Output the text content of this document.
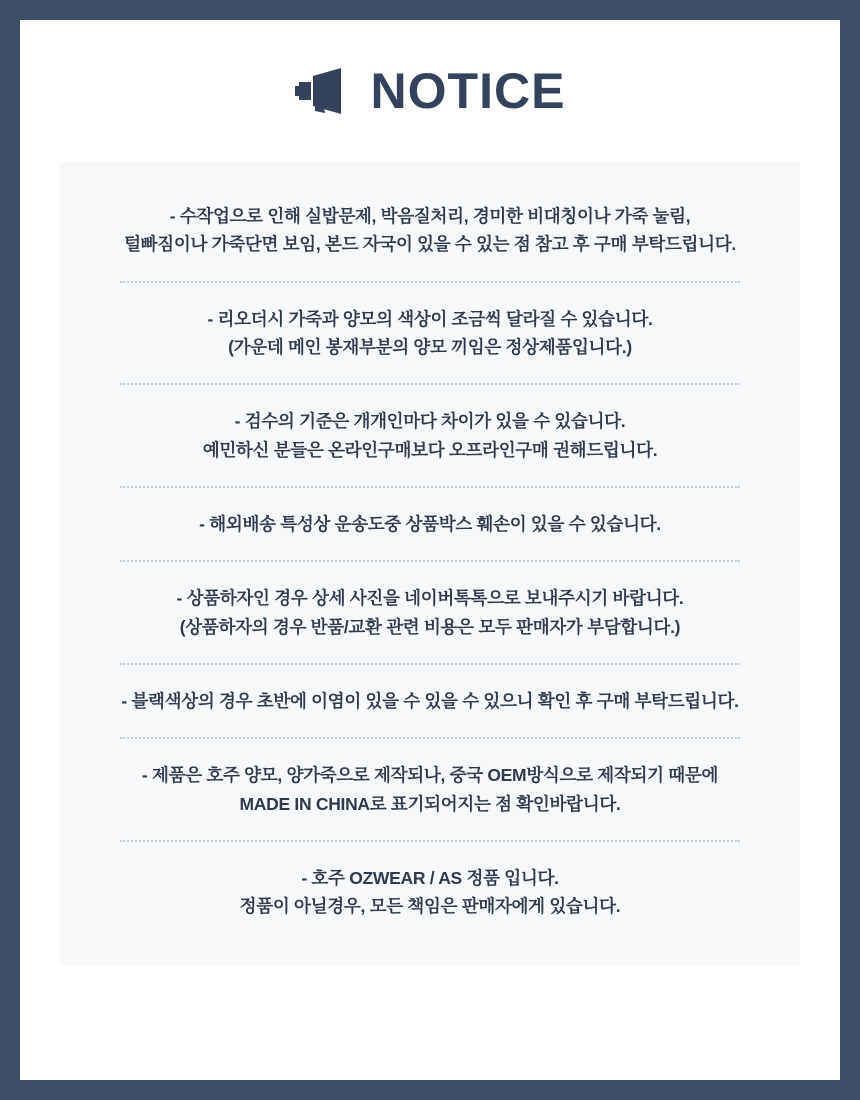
NOTICE
- 수작업으로 인해 실밥문제, 박음질처리, 경미한 비대칭이나 가죽 눌림,
털빠짐이나 가죽단면 보임, 본드 자국이 있을 수 있는 점 참고 후 구매 부탁드립니다.
- 리오더시 가죽과 양모의 색상이 조금씩 달라질 수 있습니다.
(가운데 메인 봉재부분의 양모 끼임은 정상제품입니다.)
- 검수의 기준은 개개인마다 차이가 있을 수 있습니다.
예민하신 분들은 온라인구매보다 오프라인구매 권해드립니다.
- 해외배송 특성상 운송도중 상품박스 훼손이 있을 수 있습니다.
- 상품하자인 경우 상세 사진을 네이버톡톡으로 보내주시기 바랍니다.
(상품하자의 경우 반품/교환 관련 비용은 모두 판매자가 부담합니다.)
- 블랙색상의 경우 초반에 이염이 있을 수 있을 수 있으니 확인 후 구매 부탁드립니다.
- 제품은 호주 양모, 양가죽으로 제작되나, 중국 OEM방식으로 제작되기 때문에
MADE IN CHINA로 표기되어지는 점 확인바랍니다.
- 호주 OZWEAR / AS 정품 입니다.
정품이 아닐경우, 모든 책임은 판매자에게 있습니다.
